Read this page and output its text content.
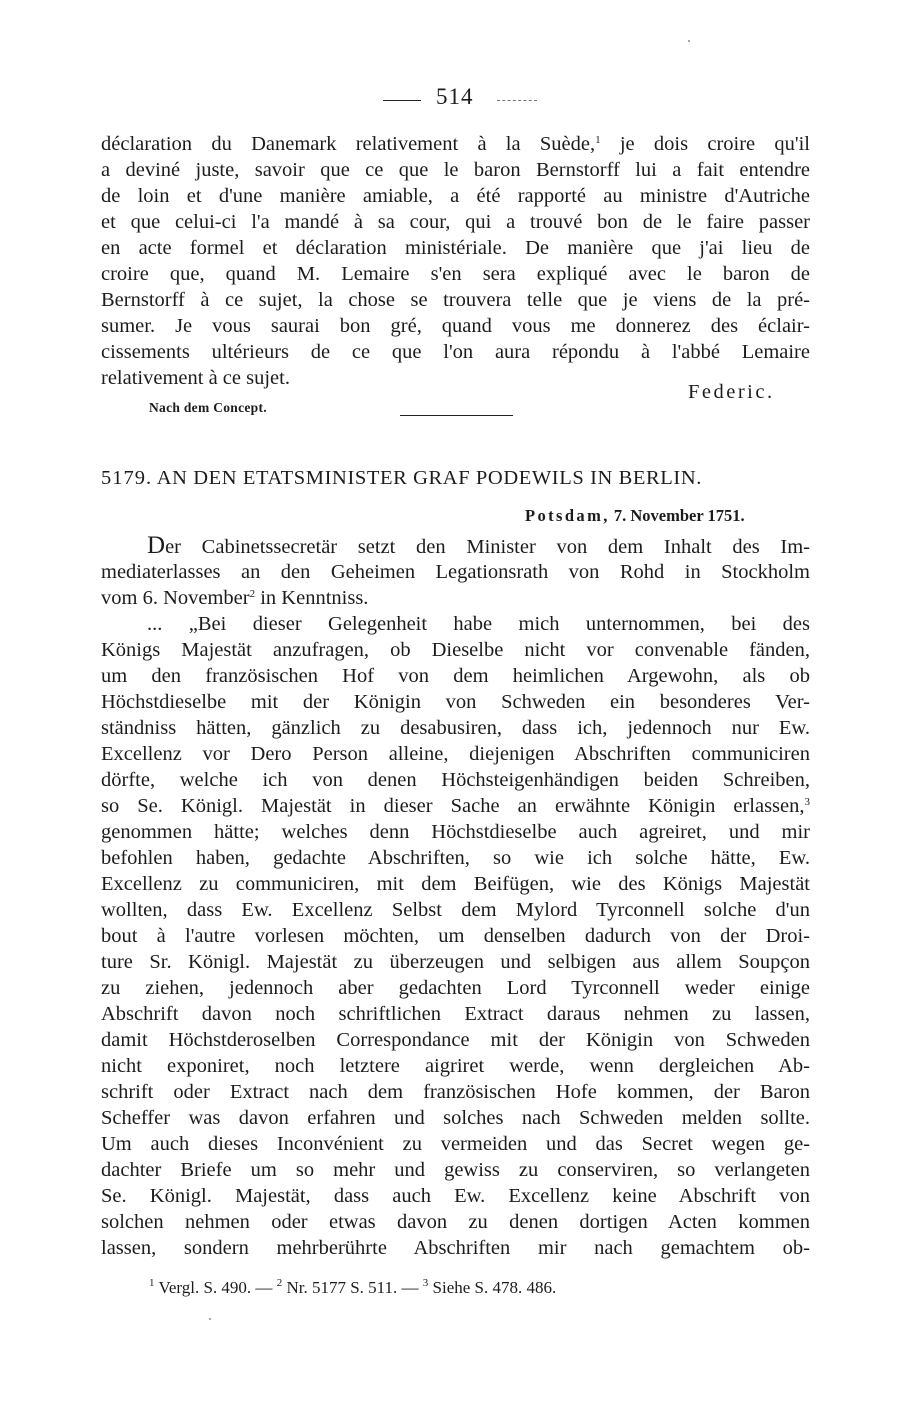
514
déclaration du Danemark relativement à la Suède,$^1$ je dois croire qu'il
a deviné juste, savoir que ce que le baron Bernstorff lui a fait entendre
de loin et d'une manière amiable, a été rapporté au ministre d'Autriche
et que celui-ci l'a mandé à sa cour, qui a trouvé bon de le faire passer
en acte formel et déclaration ministériale. De manière que j'ai lieu de
croire que, quand M. Lemaire s'en sera expliqué avec le baron de
Bernstorff à ce sujet, la chose se trouvera telle que je viens de la pré-
sumer. Je vous saurai bon gré, quand vous me donnerez des éclair-
cissements ultérieurs de ce que l'on aura répondu à l'abbé Lemaire
relativement à ce sujet.
Federic.
Nach dem Concept.
5179. AN DEN ETATSMINISTER GRAF PODEWILS IN BERLIN.
Potsdam, 7. November 1751.
Der Cabinetssecretär setzt den Minister von dem Inhalt des Im-
mediaterlasses an den Geheimen Legationsrath von Rohd in Stockholm
vom 6. November$^2$ in Kenntniss.
... „Bei dieser Gelegenheit habe mich unternommen, bei des
Königs Majestät anzufragen, ob Dieselbe nicht vor convenable fänden,
um den französischen Hof von dem heimlichen Argewohn, als ob
Höchstdieselbe mit der Königin von Schweden ein besonderes Ver-
ständniss hätten, gänzlich zu desabusiren, dass ich, jedennoch nur Ew.
Excellenz vor Dero Person alleine, diejenigen Abschriften communiciren
dörfte, welche ich von denen Höchsteigenhändigen beiden Schreiben,
so Se. Königl. Majestät in dieser Sache an erwähnte Königin erlassen,$^3$
genommen hätte; welches denn Höchstdieselbe auch agreiret, und mir
befohlen haben, gedachte Abschriften, so wie ich solche hätte, Ew.
Excellenz zu communiciren, mit dem Beifügen, wie des Königs Majestät
wollten, dass Ew. Excellenz Selbst dem Mylord Tyrconnell solche d'un
bout à l'autre vorlesen möchten, um denselben dadurch von der Droi-
ture Sr. Königl. Majestät zu überzeugen und selbigen aus allem Soupçon
zu ziehen, jedennoch aber gedachten Lord Tyrconnell weder einige
Abschrift davon noch schriftlichen Extract daraus nehmen zu lassen,
damit Höchstderoselben Correspondance mit der Königin von Schweden
nicht exponiret, noch letztere aigriret werde, wenn dergleichen Ab-
schrift oder Extract nach dem französischen Hofe kommen, der Baron
Scheffer was davon erfahren und solches nach Schweden melden sollte.
Um auch dieses Inconvénient zu vermeiden und das Secret wegen ge-
dachter Briefe um so mehr und gewiss zu conserviren, so verlangeten
Se. Königl. Majestät, dass auch Ew. Excellenz keine Abschrift von
solchen nehmen oder etwas davon zu denen dortigen Acten kommen
lassen, sondern mehrberührte Abschriften mir nach gemachtem ob-
$^1$ Vergl. S. 490. — $^2$ Nr. 5177 S. 511. — $^3$ Siehe S. 478. 486.
